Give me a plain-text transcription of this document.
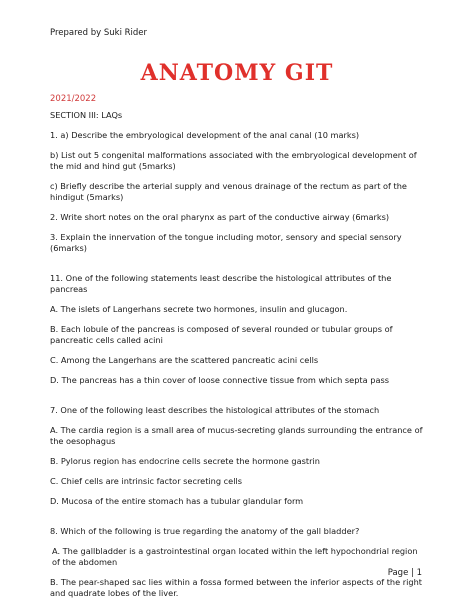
Prepared by Suki Rider
ANATOMY GIT
2021/2022

SECTION III: LAQs

1. a) Describe the embryological development of the anal canal (10 marks)

b) List out 5 congenital malformations associated with the embryological development of the mid and hind gut (5marks)

c) Briefly describe the arterial supply and venous drainage of the rectum as part of the hindigut (5marks)

2. Write short notes on the oral pharynx as part of the conductive airway (6marks)

3. Explain the innervation of the tongue including motor, sensory and special sensory (6marks)

11. One of the following statements least describe the histological attributes of the pancreas

A. The islets of Langerhans secrete two hormones, insulin and glucagon.

B. Each lobule of the pancreas is composed of several rounded or tubular groups of pancreatic cells called acini

C. Among the Langerhans are the scattered pancreatic acini cells

D. The pancreas has a thin cover of loose connective tissue from which septa pass

7. One of the following least describes the histological attributes of the stomach

A. The cardia region is a small area of mucus-secreting glands surrounding the entrance of the oesophagus

B. Pylorus region has endocrine cells secrete the hormone gastrin

C. Chief cells are intrinsic factor secreting cells

D. Mucosa of the entire stomach has a tubular glandular form

8. Which of the following is true regarding the anatomy of the gall bladder?

A. The gallbladder is a gastrointestinal organ located within the left hypochondrial region of the abdomen

B. The pear-shaped sac lies within a fossa formed between the inferior aspects of the right and quadrate lobes of the liver.

Page | 1
